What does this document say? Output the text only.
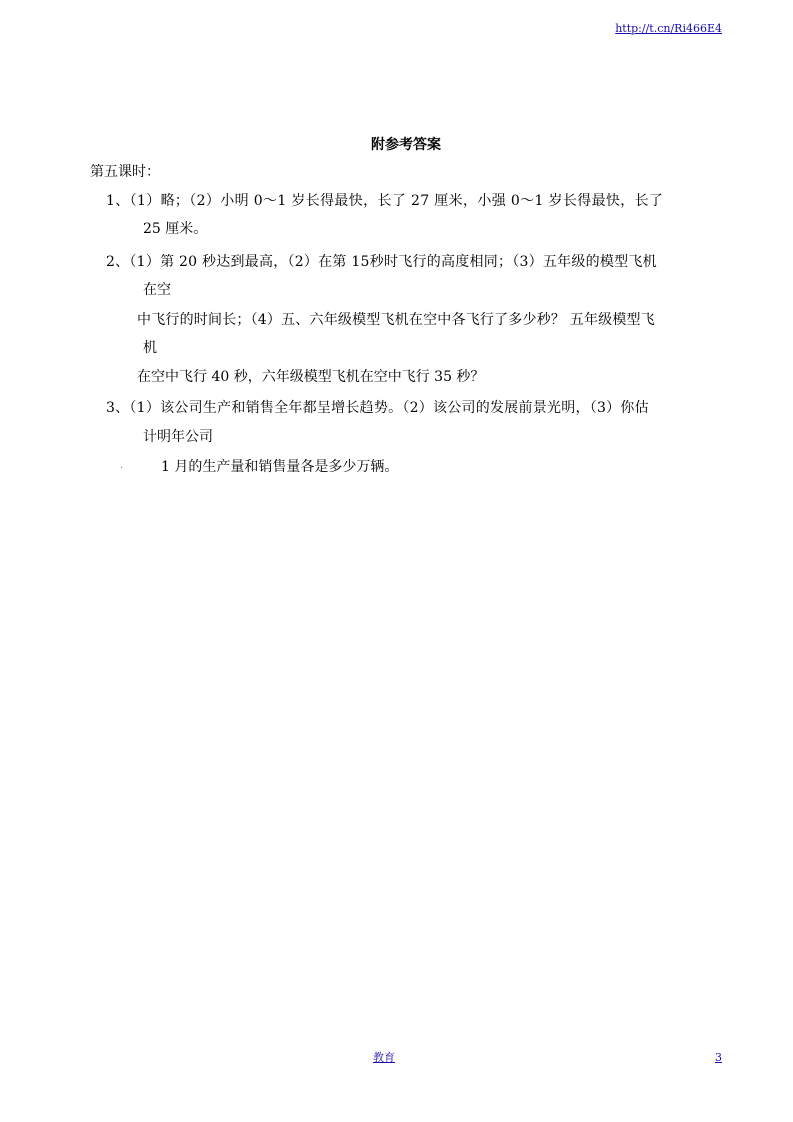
http://t.cn/Ri466E4
附参考答案
第五课时：
1、（1）略；（2）小明 0～1 岁长得最快，长了 27 厘米，小强 0～1 岁长得最快，长了
25 厘米。
2、（1）第 20 秒达到最高，（2）在第 15秒时飞行的高度相同；（3）五年级的模型飞机
在空
中飞行的时间长；（4）五、六年级模型飞机在空中各飞行了多少秒？ 五年级模型飞
机
在空中飞行 40 秒，六年级模型飞机在空中飞行 35 秒？
3、（1）该公司生产和销售全年都呈增长趋势。（2）该公司的发展前景光明，（3）你估
计明年公司
.	1 月的生产量和销售量各是多少万辆。
教育	3
